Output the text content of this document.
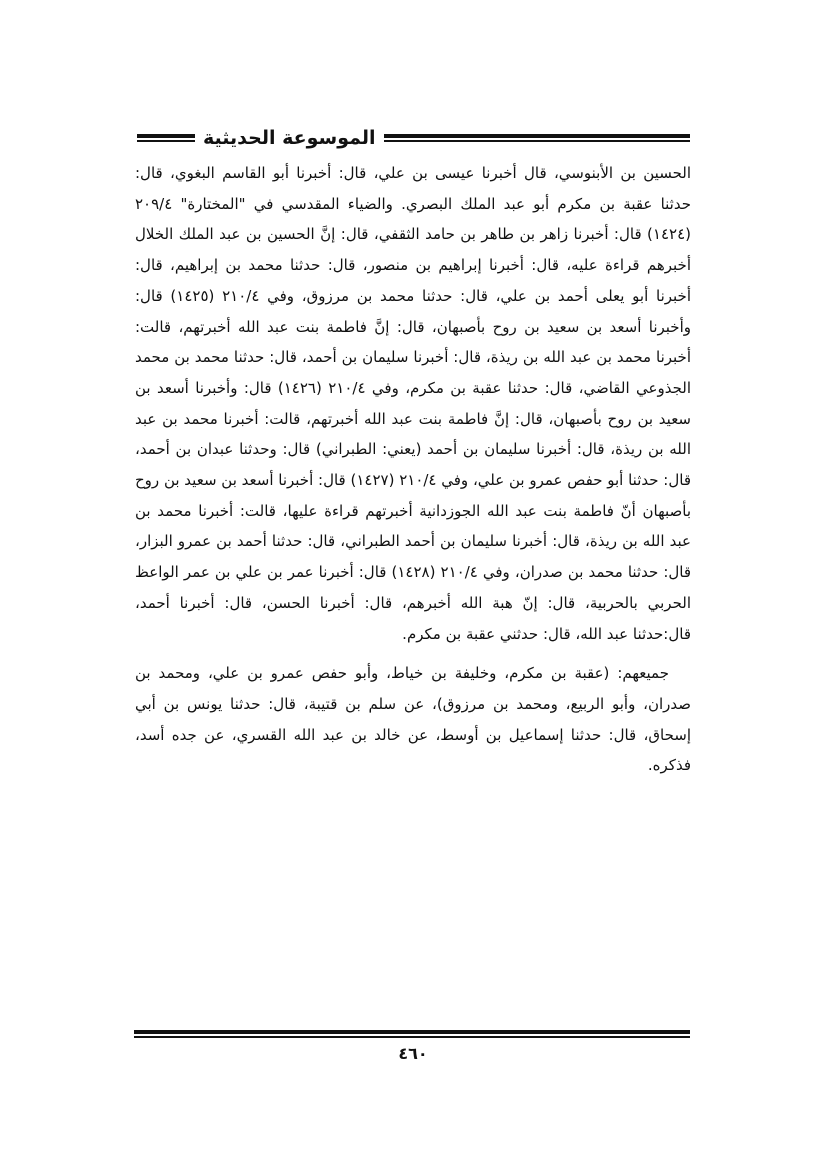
الموسوعة الحديثية

الحسين بن الأبنوسي، قال أخبرنا عيسى بن علي، قال: أخبرنا أبو القاسم البغوي، قال: حدثنا عقبة بن مكرم أبو عبد الملك البصري. والضياء المقدسي في "المختارة" ٢٠٩/٤ (١٤٢٤) قال: أخبرنا زاهر بن طاهر بن حامد الثقفي، قال: إنَّ الحسين بن عبد الملك الخلال أخبرهم قراءة عليه، قال: أخبرنا إبراهيم بن منصور، قال: حدثنا محمد بن إبراهيم، قال: أخبرنا أبو يعلى أحمد بن علي، قال: حدثنا محمد بن مرزوق، وفي ٢١٠/٤ (١٤٢٥) قال: وأخبرنا أسعد بن سعيد بن روح بأصبهان، قال: إنَّ فاطمة بنت عبد الله أخبرتهم، قالت: أخبرنا محمد بن عبد الله بن ريذة، قال: أخبرنا سليمان بن أحمد، قال: حدثنا محمد بن محمد الجذوعي القاضي، قال: حدثنا عقبة بن مكرم، وفي ٢١٠/٤ (١٤٢٦) قال: وأخبرنا أسعد بن سعيد بن روح بأصبهان، قال: إنَّ فاطمة بنت عبد الله أخبرتهم، قالت: أخبرنا محمد بن عبد الله بن ريذة، قال: أخبرنا سليمان بن أحمد (يعني: الطبراني) قال: وحدثنا عبدان بن أحمد، قال: حدثنا أبو حفص عمرو بن علي، وفي ٢١٠/٤ (١٤٢٧) قال: أخبرنا أسعد بن سعيد بن روح بأصبهان أنّ فاطمة بنت عبد الله الجوزدانية أخبرتهم قراءة عليها، قالت: أخبرنا محمد بن عبد الله بن ريذة، قال: أخبرنا سليمان بن أحمد الطبراني، قال: حدثنا أحمد بن عمرو البزار، قال: حدثنا محمد بن صدران، وفي ٢١٠/٤ (١٤٢٨) قال: أخبرنا عمر بن علي بن عمر الواعظ الحربي بالحربية، قال: إنّ هبة الله أخبرهم، قال: أخبرنا الحسن، قال: أخبرنا أحمد، قال:حدثنا عبد الله، قال: حدثني عقبة بن مكرم.

جميعهم: (عقبة بن مكرم، وخليفة بن خياط، وأبو حفص عمرو بن علي، ومحمد بن صدران، وأبو الربيع، ومحمد بن مرزوق)، عن سلم بن قتيبة، قال: حدثنا يونس بن أبي إسحاق، قال: حدثنا إسماعيل بن أوسط، عن خالد بن عبد الله القسري، عن جده أسد، فذكره.

٤٦٠
